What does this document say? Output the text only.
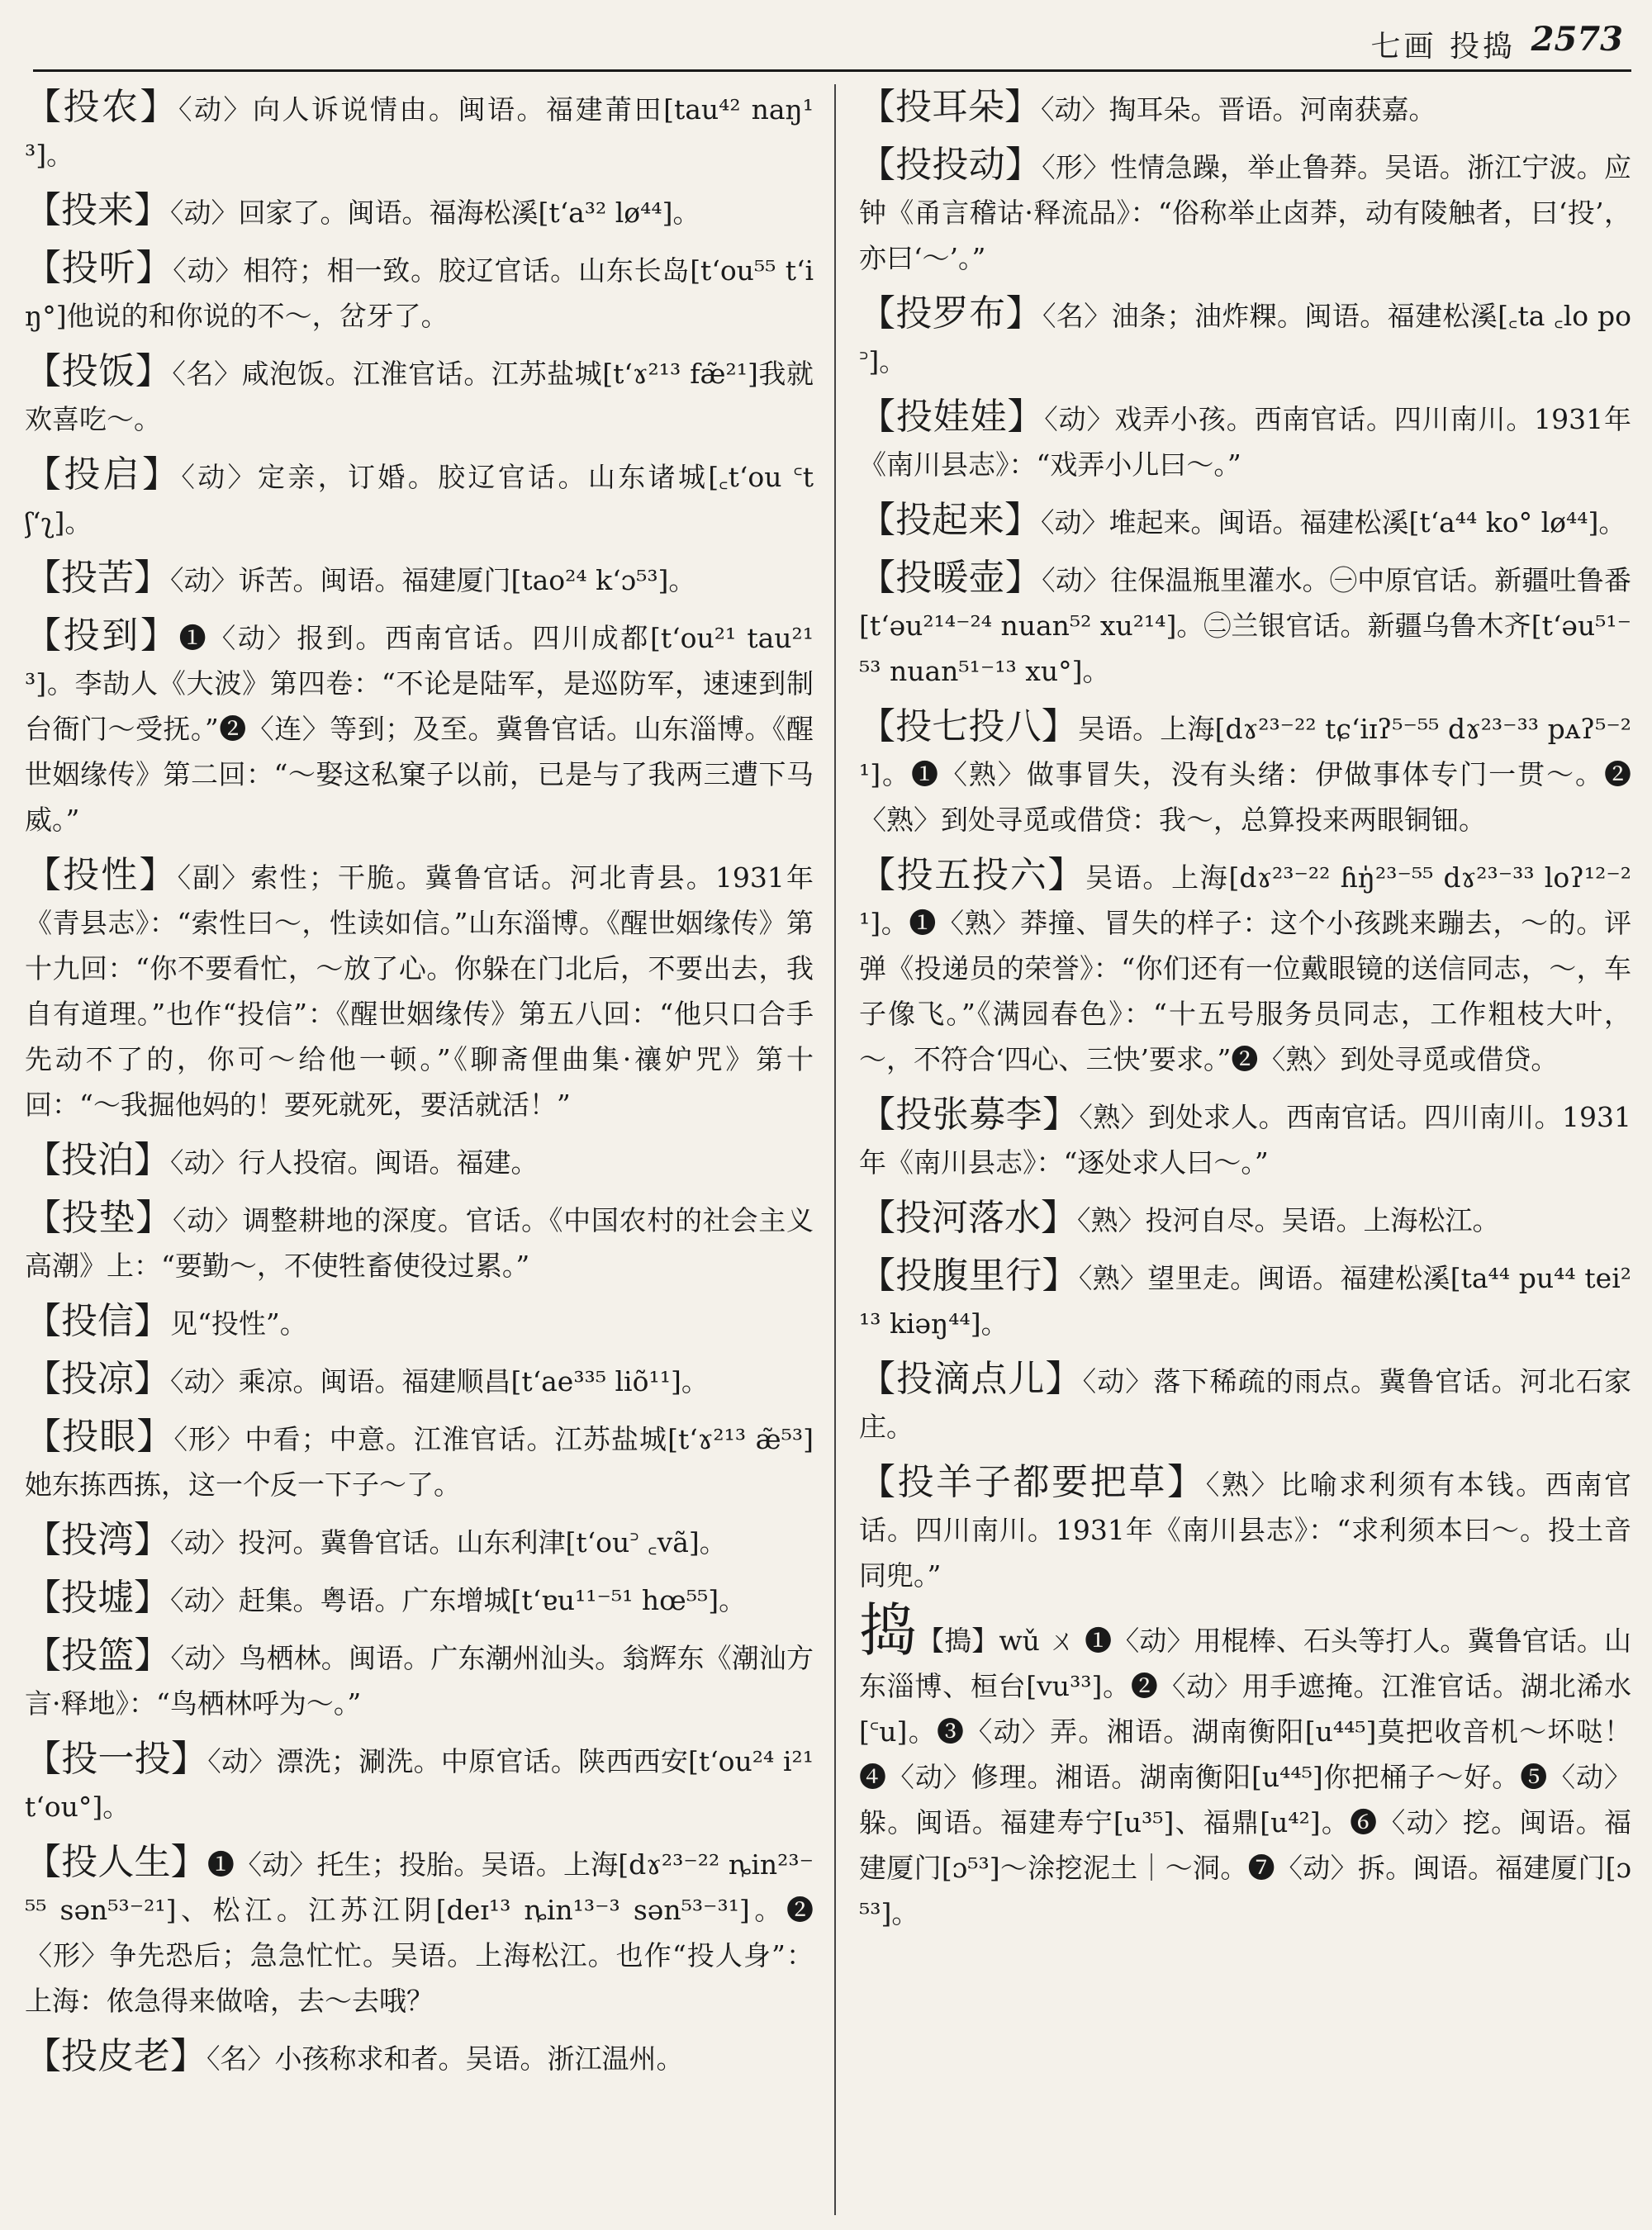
七画 投捣 2573

【投农】〈动〉向人诉说情由。闽语。福建莆田[tau⁴² naŋ¹³]。

【投来】〈动〉回家了。闽语。福海松溪[t‘a³² lø⁴⁴]。

【投听】〈动〉相符；相一致。胶辽官话。山东长岛[t‘ou⁵⁵ t‘iŋ°]他说的和你说的不～，岔牙了。

【投饭】〈名〉咸泡饭。江淮官话。江苏盐城[t‘ɤ²¹³ fæ̃²¹]我就欢喜吃～。

【投启】〈动〉定亲，订婚。胶辽官话。山东诸城[꜀t‘ou ꜂tʃ‘ʅ]。

【投苦】〈动〉诉苦。闽语。福建厦门[tao²⁴ k‘ɔ⁵³]。

【投到】❶〈动〉报到。西南官话。四川成都[t‘ou²¹ tau²¹³]。李劼人《大波》第四卷：“不论是陆军，是巡防军，速速到制台衙门～受抚。”❷〈连〉等到；及至。冀鲁官话。山东淄博。《醒世姻缘传》第二回：“～娶这私窠子以前，已是与了我两三遭下马威。”

【投性】〈副〉索性；干脆。冀鲁官话。河北青县。1931年《青县志》：“索性曰～，性读如信。”山东淄博。《醒世姻缘传》第十九回：“你不要看忙，～放了心。你躲在门北后，不要出去，我自有道理。”也作“投信”：《醒世姻缘传》第五八回：“他只口合手先动不了的，你可～给他一顿。”《聊斋俚曲集·禳妒咒》第十回：“～我掘他妈的！要死就死，要活就活！”

【投泊】〈动〉行人投宿。闽语。福建。

【投垫】〈动〉调整耕地的深度。官话。《中国农村的社会主义高潮》上：“要勤～，不使牲畜使役过累。”

【投信】见“投性”。

【投凉】〈动〉乘凉。闽语。福建顺昌[t‘ae³³⁵ liõ¹¹]。

【投眼】〈形〉中看；中意。江淮官话。江苏盐城[t‘ɤ²¹³ æ̃⁵³]她东拣西拣，这一个反一下子～了。

【投湾】〈动〉投河。冀鲁官话。山东利津[t‘ou꜄ ꜀vã]。

【投墟】〈动〉赶集。粤语。广东增城[t‘ɐu¹¹⁻⁵¹ hœ⁵⁵]。

【投篮】〈动〉鸟栖林。闽语。广东潮州汕头。翁辉东《潮汕方言·释地》：“鸟栖林呼为～。”

【投一投】〈动〉漂洗；涮洗。中原官话。陕西西安[t‘ou²⁴ i²¹ t‘ou°]。

【投人生】❶〈动〉托生；投胎。吴语。上海[dɤ²³⁻²² ȵin²³⁻⁵⁵ sən⁵³⁻²¹]、松江。江苏江阴[deɪ¹³ ȵin¹³⁻³ sən⁵³⁻³¹]。❷〈形〉争先恐后；急急忙忙。吴语。上海松江。也作“投人身”：上海：侬急得来做啥，去～去哦？

【投皮老】〈名〉小孩称求和者。吴语。浙江温州。

【投耳朵】〈动〉掏耳朵。晋语。河南获嘉。

【投投动】〈形〉性情急躁，举止鲁莽。吴语。浙江宁波。应钟《甬言稽诂·释流品》：“俗称举止卤莽，动有陵触者，曰‘投’，亦曰‘～’。”

【投罗布】〈名〉油条；油炸粿。闽语。福建松溪[꜀ta ꜀lo po꜄]。

【投娃娃】〈动〉戏弄小孩。西南官话。四川南川。1931年《南川县志》：“戏弄小儿曰～。”

【投起来】〈动〉堆起来。闽语。福建松溪[t‘a⁴⁴ ko° lø⁴⁴]。

【投暖壶】〈动〉往保温瓶里灌水。㊀中原官话。新疆吐鲁番[t‘əu²¹⁴⁻²⁴ nuan⁵² xu²¹⁴]。㊁兰银官话。新疆乌鲁木齐[t‘əu⁵¹⁻⁵³ nuan⁵¹⁻¹³ xu°]。

【投七投八】吴语。上海[dɤ²³⁻²² tɕ‘iɪʔ⁵⁻⁵⁵ dɤ²³⁻³³ pᴀʔ⁵⁻²¹]。❶〈熟〉做事冒失，没有头绪：伊做事体专门一贯～。❷〈熟〉到处寻觅或借贷：我～，总算投来两眼铜钿。

【投五投六】吴语。上海[dɤ²³⁻²² ɦŋ̍²³⁻⁵⁵ dɤ²³⁻³³ loʔ¹²⁻²¹]。❶〈熟〉莽撞、冒失的样子：这个小孩跳来蹦去，～的。评弹《投递员的荣誉》：“你们还有一位戴眼镜的送信同志，～，车子像飞。”《满园春色》：“十五号服务员同志，工作粗枝大叶，～，不符合‘四心、三快’要求。”❷〈熟〉到处寻觅或借贷。

【投张募李】〈熟〉到处求人。西南官话。四川南川。1931年《南川县志》：“逐处求人曰～。”

【投河落水】〈熟〉投河自尽。吴语。上海松江。

【投腹里行】〈熟〉望里走。闽语。福建松溪[ta⁴⁴ pu⁴⁴ tei²¹³ kiəŋ⁴⁴]。

【投滴点儿】〈动〉落下稀疏的雨点。冀鲁官话。河北石家庄。

【投羊子都要把草】〈熟〉比喻求利须有本钱。西南官话。四川南川。1931年《南川县志》：“求利须本曰～。投土音同兜。”

捣【搗】wǔ ㄨ ❶〈动〉用棍棒、石头等打人。冀鲁官话。山东淄博、桓台[vu³³]。❷〈动〉用手遮掩。江淮官话。湖北浠水[꜂u]。❸〈动〉弄。湘语。湖南衡阳[u⁴⁴⁵]莫把收音机～坏哒！❹〈动〉修理。湘语。湖南衡阳[u⁴⁴⁵]你把桶子～好。❺〈动〉躲。闽语。福建寿宁[u³⁵]、福鼎[u⁴²]。❻〈动〉挖。闽语。福建厦门[ɔ⁵³]～涂挖泥土｜～洞。❼〈动〉拆。闽语。福建厦门[ɔ⁵³]。
